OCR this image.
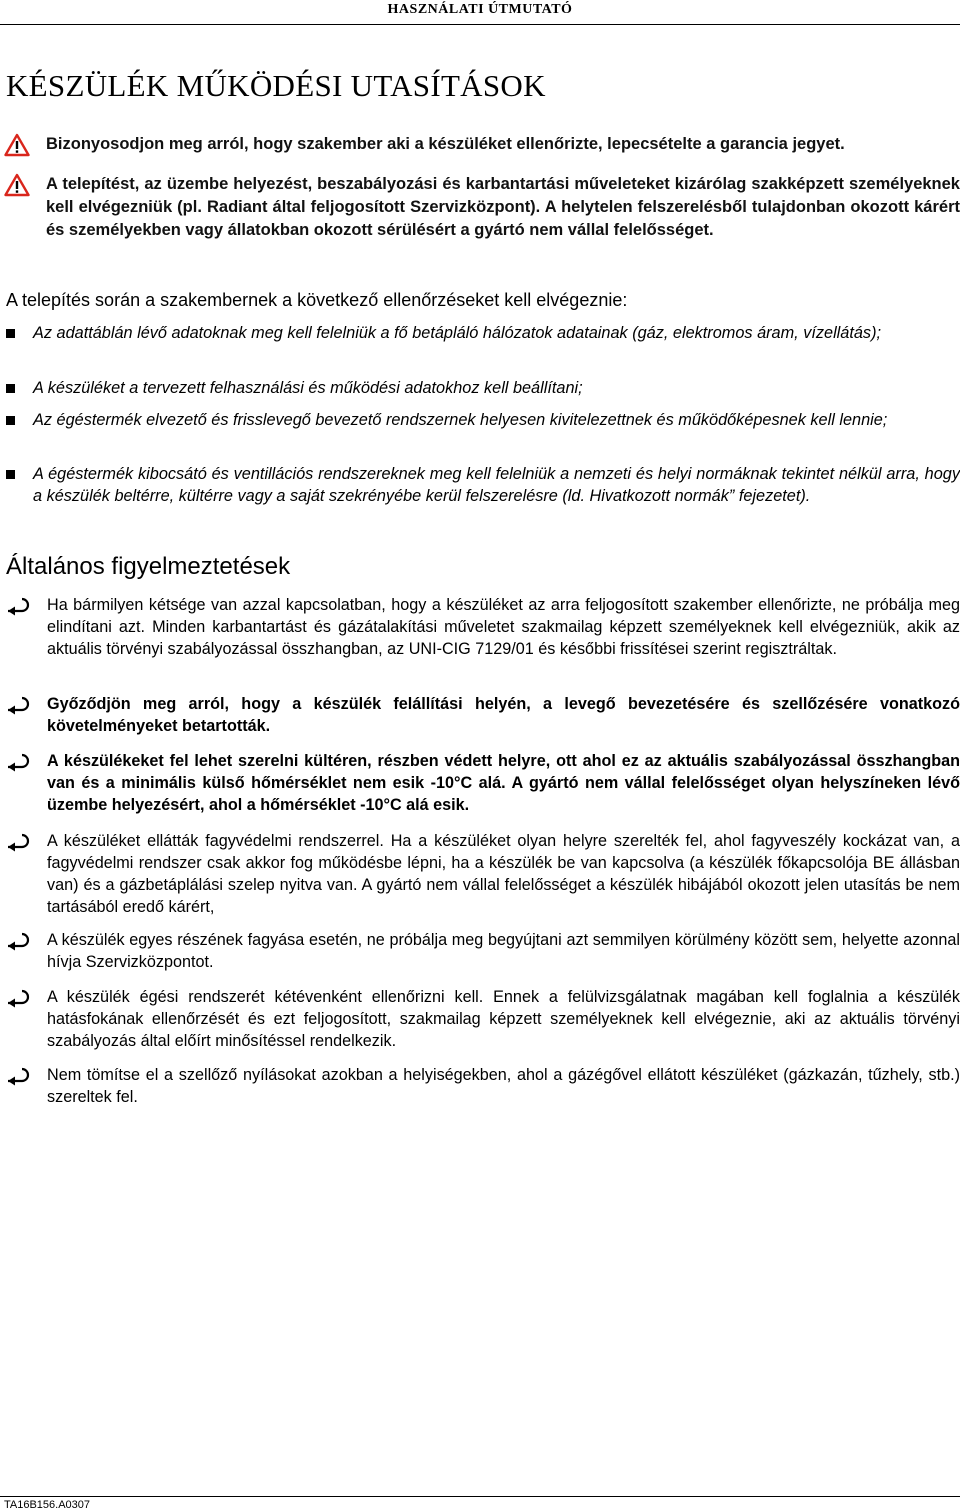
HASZNÁLATI ÚTMUTATÓ
KÉSZÜLÉK MŰKÖDÉSI UTASÍTÁSOK
Bizonyosodjon meg arról, hogy szakember aki a készüléket ellenőrizte, lepecsételte a garancia jegyet.
A telepítést, az üzembe helyezést, beszabályozási és karbantartási műveleteket kizárólag szakképzett személyeknek kell elvégezniük (pl. Radiant által feljogosított Szervizközpont). A helytelen felszerelésből tulajdonban okozott kárért és személyekben vagy állatokban okozott sérülésért a gyártó nem vállal felelősséget.

A telepítés során a szakembernek a következő ellenőrzéseket kell elvégeznie:

Az adattáblán lévő adatoknak meg kell felelniük a fő betápláló hálózatok adatainak (gáz, elektromos áram, vízellátás);
A készüléket a tervezett felhasználási és működési adatokhoz kell beállítani;
Az égéstermék elvezető és frisslevegő bevezető rendszernek helyesen kivitelezettnek és működőképesnek kell lennie;
A égéstermék kibocsátó és ventillációs rendszereknek meg kell felelniük a nemzeti és helyi normáknak tekintet nélkül arra, hogy a készülék beltérre, kültérre vagy a saját szekrényébe kerül felszerelésre (ld. Hivatkozott normák” fejezetet).
Általános figyelmeztetések
Ha bármilyen kétsége van azzal kapcsolatban, hogy a készüléket az arra feljogosított szakember ellenőrizte, ne próbálja meg elindítani azt. Minden karbantartást és gázátalakítási műveletet szakmailag képzett személyeknek kell elvégezniük, akik az aktuális törvényi szabályozással összhangban, az UNI-CIG 7129/01 és későbbi frissítései szerint regisztráltak.
Győződjön meg arról, hogy a készülék felállítási helyén, a levegő bevezetésére és szellőzésére vonatkozó követelményeket betartották.
A készülékeket fel lehet szerelni kültéren, részben védett helyre, ott ahol ez az aktuális szabályozással összhangban van és a minimális külső hőmérséklet nem esik -10°C alá. A gyártó nem vállal felelősséget olyan helyszíneken lévő üzembe helyezésért, ahol a hőmérséklet -10°C alá esik.
A készüléket ellátták fagyvédelmi rendszerrel. Ha a készüléket olyan helyre szerelték fel, ahol fagyveszély kockázat van, a fagyvédelmi rendszer csak akkor fog működésbe lépni, ha a készülék be van kapcsolva (a készülék főkapcsolója BE állásban van) és a gázbetáplálási szelep nyitva van. A gyártó nem vállal felelősséget a készülék hibájából okozott jelen utasítás be nem tartásából eredő kárért,
A készülék egyes részének fagyása esetén, ne próbálja meg begyújtani azt semmilyen körülmény között sem, helyette azonnal hívja Szervizközpontot.
A készülék égési rendszerét kétévenként ellenőrizni kell. Ennek a felülvizsgálatnak magában kell foglalnia a készülék hatásfokának ellenőrzését és ezt feljogosított, szakmailag képzett személyeknek kell elvégeznie, aki az aktuális törvényi szabályozás által előírt minősítéssel rendelkezik.
Nem tömítse el a szellőző nyílásokat azokban a helyiségekben, ahol a gázégővel ellátott készüléket (gázkazán, tűzhely, stb.) szereltek fel.
TA16B156.A0307
